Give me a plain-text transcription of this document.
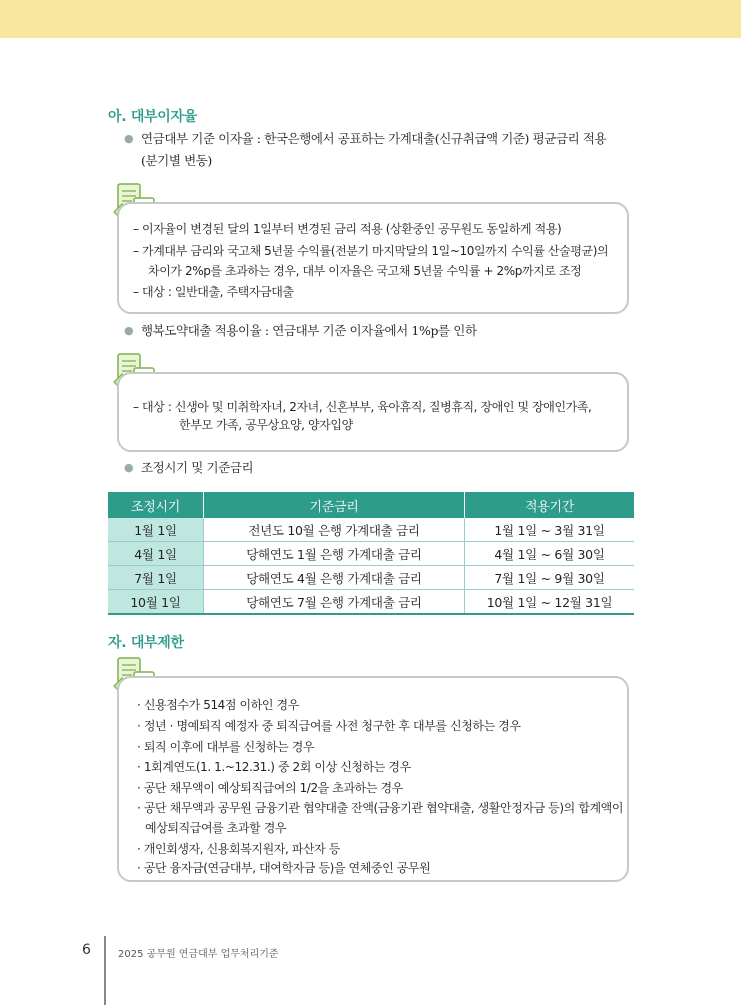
아. 대부이자율
● 연금대부 기준 이자율 : 한국은행에서 공표하는 가계대출(신규취급액 기준) 평균금리 적용
(분기별 변동)
– 이자율이 변경된 달의 1일부터 변경된 금리 적용 (상환중인 공무원도 동일하게 적용)
– 가계대부 금리와 국고채 5년물 수익률(전분기 마지막달의 1일~10일까지 수익률 산술평균)의
차이가 2%p를 초과하는 경우, 대부 이자율은 국고채 5년물 수익률 + 2%p까지로 조정
– 대상 : 일반대출, 주택자금대출
● 행복도약대출 적용이율 : 연금대부 기준 이자율에서 1%p를 인하
– 대상 : 신생아 및 미취학자녀, 2자녀, 신혼부부, 육아휴직, 질병휴직, 장애인 및 장애인가족,
한부모 가족, 공무상요양, 양자입양
● 조정시기 및 기준금리
조정시기	기준금리	적용기간
1월 1일	전년도 10월 은행 가계대출 금리	1월 1일 ~ 3월 31일
4월 1일	당해연도 1월 은행 가계대출 금리	4월 1일 ~ 6월 30일
7월 1일	당해연도 4월 은행 가계대출 금리	7월 1일 ~ 9월 30일
10월 1일	당해연도 7월 은행 가계대출 금리	10월 1일 ~ 12월 31일
자. 대부제한
· 신용점수가 514점 이하인 경우
· 정년 · 명예퇴직 예정자 중 퇴직급여를 사전 청구한 후 대부를 신청하는 경우
· 퇴직 이후에 대부를 신청하는 경우
· 1회계연도(1. 1.~12.31.) 중 2회 이상 신청하는 경우
· 공단 채무액이 예상퇴직급여의 1/2을 초과하는 경우
· 공단 채무액과 공무원 금융기관 협약대출 잔액(금융기관 협약대출, 생활안정자금 등)의 합계액이
예상퇴직급여를 초과할 경우
· 개인회생자, 신용회복지원자, 파산자 등
· 공단 융자금(연금대부, 대여학자금 등)을 연체중인 공무원
6	2025 공무원 연금대부 업무처리기준
